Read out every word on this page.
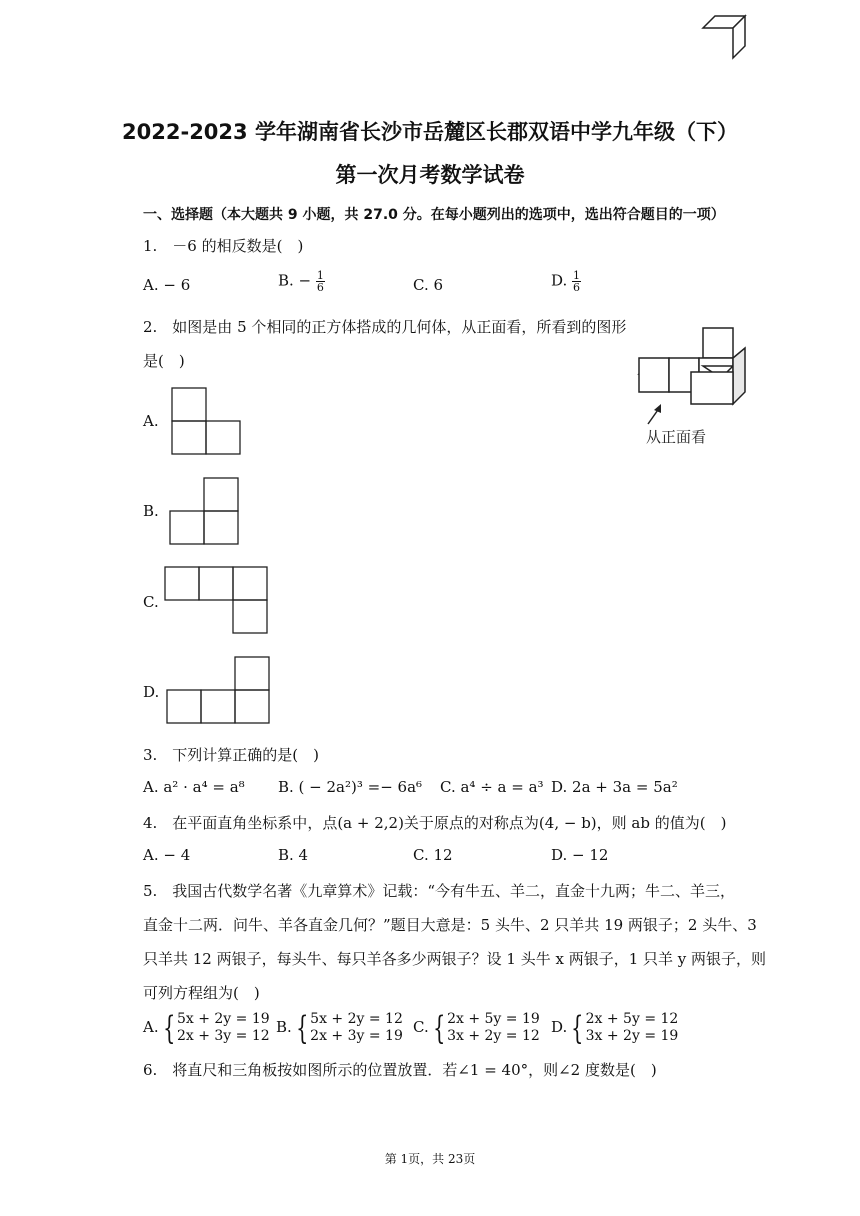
2022-2023 学年湖南省长沙市岳麓区长郡双语中学九年级（下）
第一次月考数学试卷
一、选择题（本大题共 9 小题，共 27.0 分。在每小题列出的选项中，选出符合题目的一项）
1.　－6 的相反数是(　)
A. − 6	B. − $\frac{1}{6}$	C. 6	D. $\frac{1}{6}$
2.　如图是由 5 个相同的正方体搭成的几何体，从正面看，所看到的图形
是(　)
从正面看
A.
B.
C.
D.
3.　下列计算正确的是(　)
A. a² · a⁴ = a⁸ B. ( − 2a²)³ =− 6a⁶ C. a⁴ ÷ a = a³ D. 2a + 3a = 5a²
4.　在平面直角坐标系中，点(a + 2,2)关于原点的对称点为(4, − b)，则 ab 的值为(　)
A. − 4	B. 4	C. 12	D. − 12
5.　我国古代数学名著《九章算术》记载：“今有牛五、羊二，直金十九两；牛二、羊三，
直金十二两．问牛、羊各直金几何？”题目大意是：5 头牛、2 只羊共 19 两银子；2 头牛、3
只羊共 12 两银子，每头牛、每只羊各多少两银子？设 1 头牛 x 两银子，1 只羊 y 两银子，则
可列方程组为(　)
A. { 5x + 2y = 19
2x + 3y = 12 B. { 5x + 2y = 12
2x + 3y = 19 C. { 2x + 5y = 19
3x + 2y = 12 D. { 2x + 5y = 12
3x + 2y = 19
6.　将直尺和三角板按如图所示的位置放置．若∠1 = 40°，则∠2 度数是(　)
第 1页，共 23页
